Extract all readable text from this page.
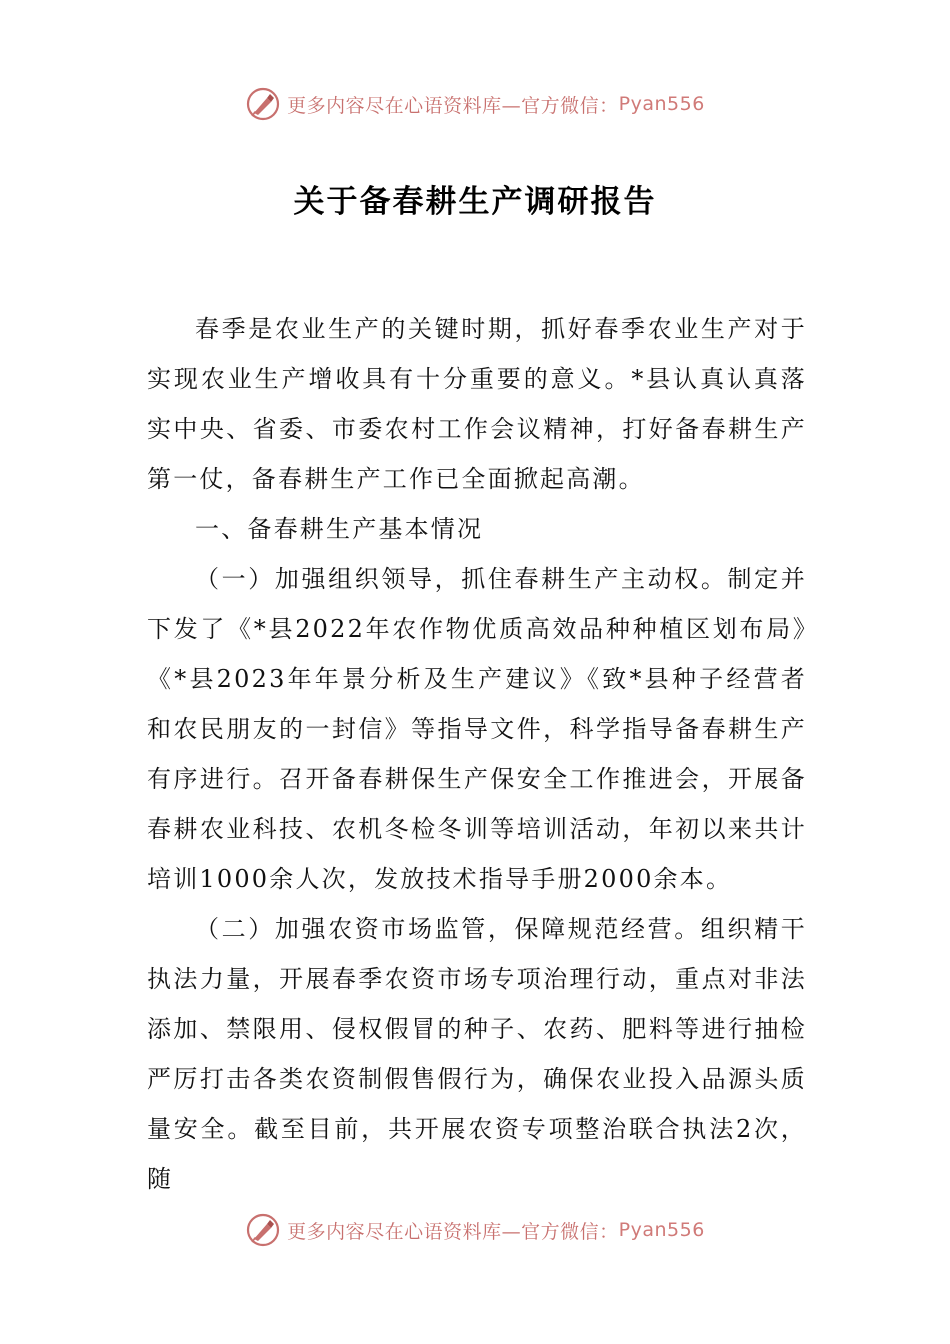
更多内容尽在心语资料库—官方微信： Pyan556
关于备春耕生产调研报告

春季是农业生产的关键时期，抓好春季农业生产对于实现农业生产增收具有十分重要的意义。*县认真认真落实中央、省委、市委农村工作会议精神，打好备春耕生产第一仗，备春耕生产工作已全面掀起高潮。

一、备春耕生产基本情况

（一）加强组织领导，抓住春耕生产主动权。制定并下发了《*县2022年农作物优质高效品种种植区划布局》《*县2023年年景分析及生产建议》《致*县种子经营者和农民朋友的一封信》等指导文件，科学指导备春耕生产有序进行。召开备春耕保生产保安全工作推进会，开展备春耕农业科技、农机冬检冬训等培训活动，年初以来共计培训1000余人次，发放技术指导手册2000余本。

（二）加强农资市场监管，保障规范经营。组织精干执法力量，开展春季农资市场专项治理行动，重点对非法添加、禁限用、侵权假冒的种子、农药、肥料等进行抽检严厉打击各类农资制假售假行为，确保农业投入品源头质量安全。截至目前，共开展农资专项整治联合执法2次，随

更多内容尽在心语资料库—官方微信： Pyan556
